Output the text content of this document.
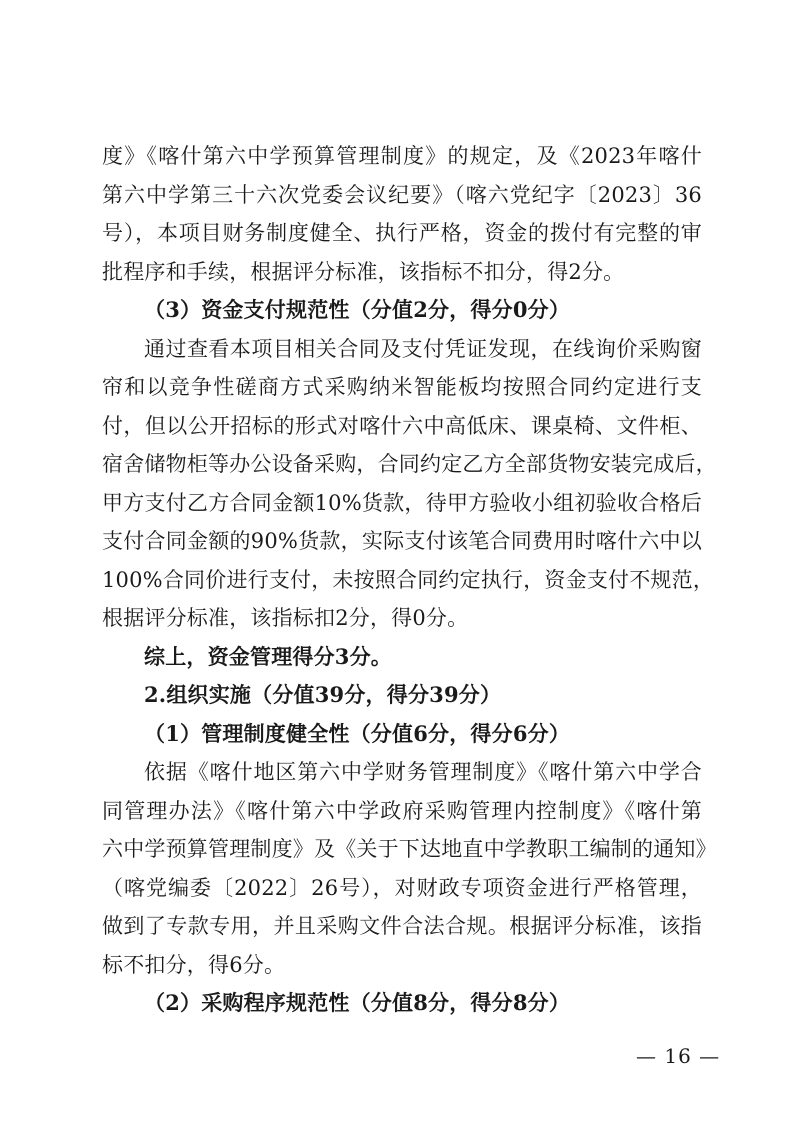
度》《喀什第六中学预算管理制度》的规定，及《2023年喀什
第六中学第三十六次党委会议纪要》（喀六党纪字〔2023〕36
号），本项目财务制度健全、执行严格，资金的拨付有完整的审
批程序和手续，根据评分标准，该指标不扣分，得2分。
（3）资金支付规范性（分值2分，得分0分）
通过查看本项目相关合同及支付凭证发现，在线询价采购窗
帘和以竞争性磋商方式采购纳米智能板均按照合同约定进行支
付，但以公开招标的形式对喀什六中高低床、课桌椅、文件柜、
宿舍储物柜等办公设备采购，合同约定乙方全部货物安装完成后，
甲方支付乙方合同金额10%货款，待甲方验收小组初验收合格后
支付合同金额的90%货款，实际支付该笔合同费用时喀什六中以
100%合同价进行支付，未按照合同约定执行，资金支付不规范，
根据评分标准，该指标扣2分，得0分。
综上，资金管理得分3分。
2.组织实施（分值39分，得分39分）
（1）管理制度健全性（分值6分，得分6分）
依据《喀什地区第六中学财务管理制度》《喀什第六中学合
同管理办法》《喀什第六中学政府采购管理内控制度》《喀什第
六中学预算管理制度》及《关于下达地直中学教职工编制的通知》
（喀党编委〔2022〕26号），对财政专项资金进行严格管理，
做到了专款专用，并且采购文件合法合规。根据评分标准，该指
标不扣分，得6分。
（2）采购程序规范性（分值8分，得分8分）
— 16 —
